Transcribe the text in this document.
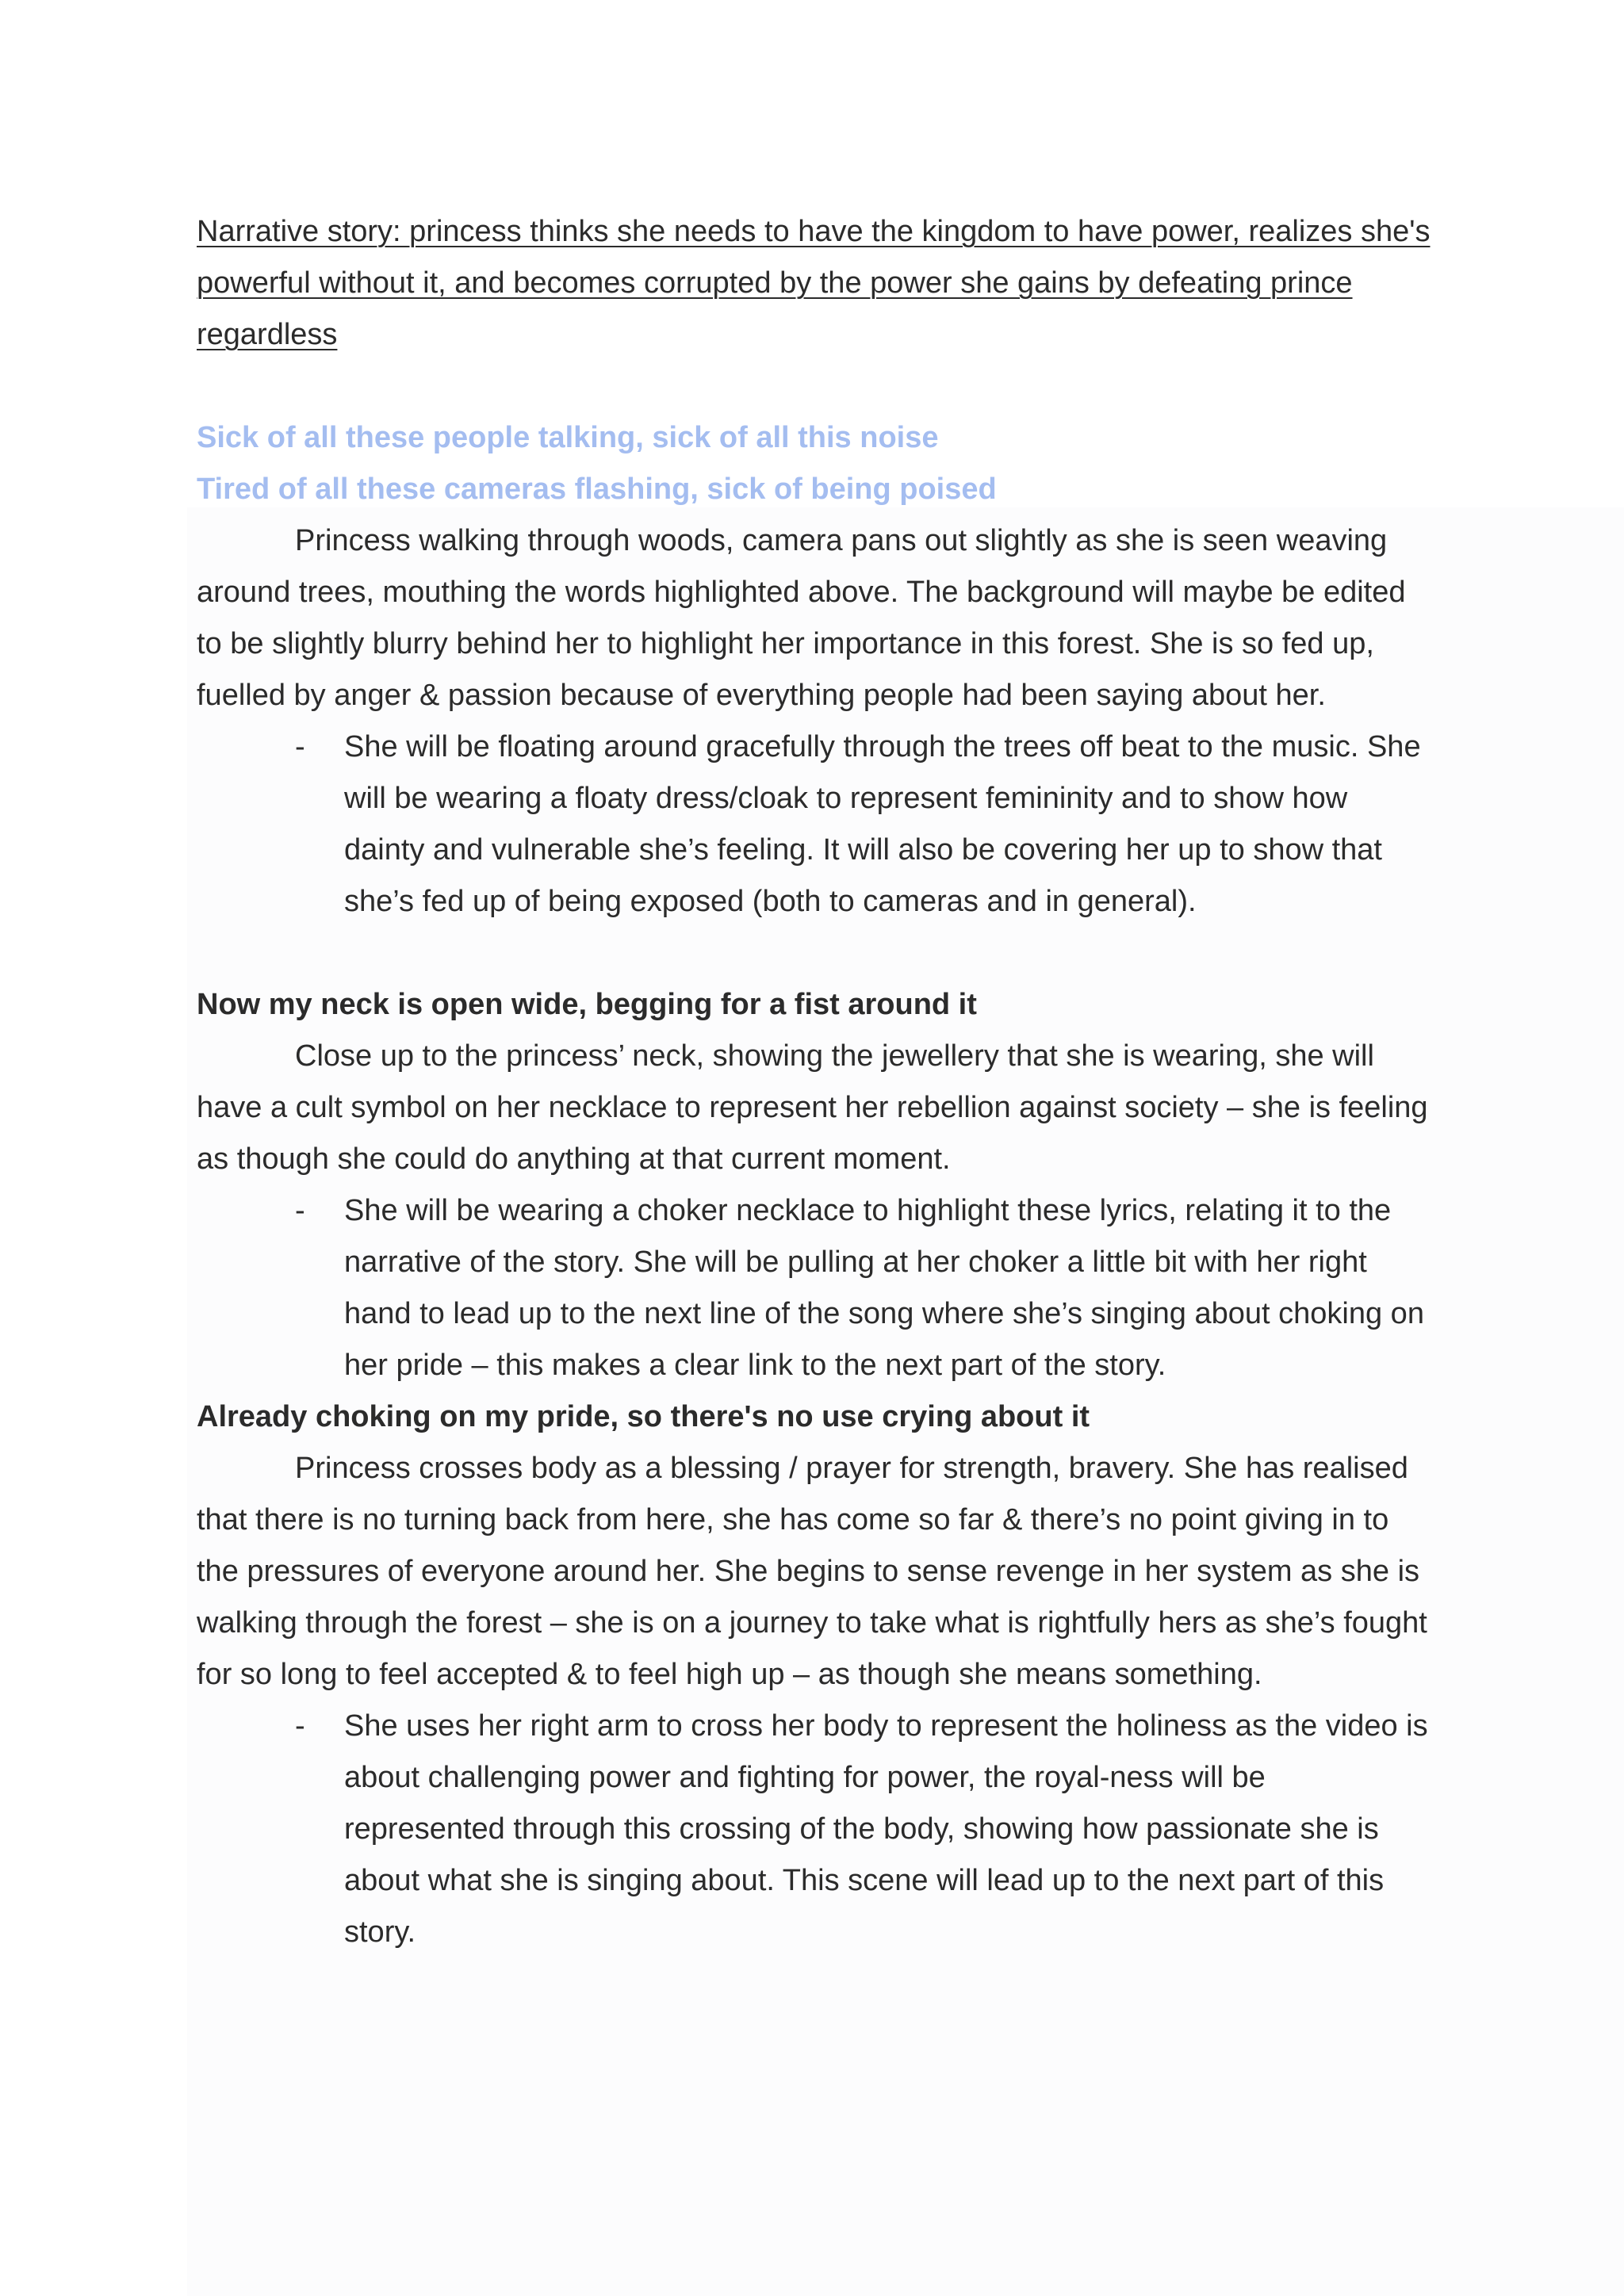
Narrative story: princess thinks she needs to have the kingdom to have power, realizes she's powerful without it, and becomes corrupted by the power she gains by defeating prince regardless

Sick of all these people talking, sick of all this noise

Tired of all these cameras flashing, sick of being poised

Princess walking through woods, camera pans out slightly as she is seen weaving around trees, mouthing the words highlighted above. The background will maybe be edited to be slightly blurry behind her to highlight her importance in this forest. She is so fed up, fuelled by anger & passion because of everything people had been saying about her.

- She will be floating around gracefully through the trees off beat to the music. She will be wearing a floaty dress/cloak to represent femininity and to show how dainty and vulnerable she’s feeling. It will also be covering her up to show that she’s fed up of being exposed (both to cameras and in general).

Now my neck is open wide, begging for a fist around it

Close up to the princess’ neck, showing the jewellery that she is wearing, she will have a cult symbol on her necklace to represent her rebellion against society – she is feeling as though she could do anything at that current moment.

- She will be wearing a choker necklace to highlight these lyrics, relating it to the narrative of the story. She will be pulling at her choker a little bit with her right hand to lead up to the next line of the song where she’s singing about choking on her pride – this makes a clear link to the next part of the story.

Already choking on my pride, so there's no use crying about it

Princess crosses body as a blessing / prayer for strength, bravery. She has realised that there is no turning back from here, she has come so far & there’s no point giving in to the pressures of everyone around her. She begins to sense revenge in her system as she is walking through the forest – she is on a journey to take what is rightfully hers as she’s fought for so long to feel accepted & to feel high up – as though she means something.

- She uses her right arm to cross her body to represent the holiness as the video is about challenging power and fighting for power, the royal-ness will be represented through this crossing of the body, showing how passionate she is about what she is singing about. This scene will lead up to the next part of this story.
